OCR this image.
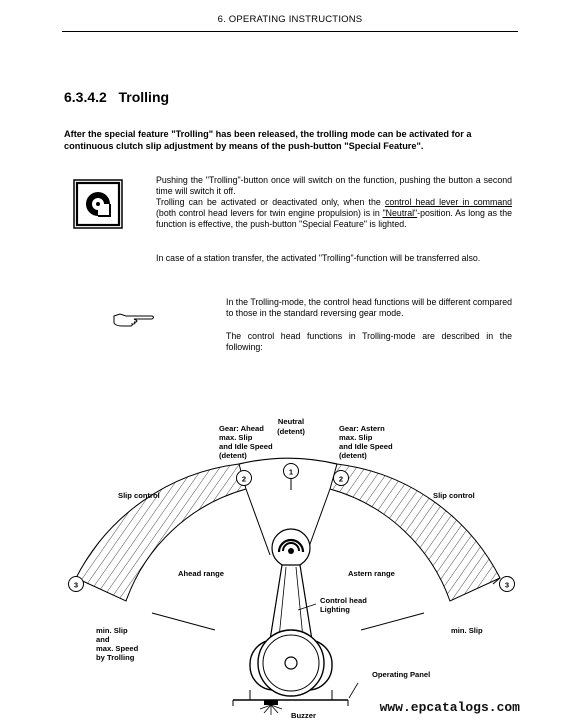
6. OPERATING INSTRUCTIONS
6.3.4.2 Trolling
After the special feature "Trolling" has been released, the trolling mode can be activated for a continuous clutch slip adjustment by means of the push-button "Special Feature".
Pushing the "Trolling"-button once will switch on the function, pushing the button a second time will switch it off.
Trolling can be activated or deactivated only, when the control head lever in command (both control head levers for twin engine propulsion) is in "Neutral"-position. As long as the function is effective, the push-button "Special Feature" is lighted.
In case of a station transfer, the activated "Trolling"-function will be transferred also.
In the Trolling-mode, the control head functions will be different compared to those in the standard reversing gear mode.
The control head functions in Trolling-mode are described in the following:
1
2	2
3	3
Neutral
(detent)
Gear: Ahead
max. Slip
and Idle Speed
(detent)
Gear: Astern
max. Slip
and Idle Speed
(detent)
Slip control	Slip control
Ahead range	Astern range
Control head
Lighting
min. Slip
and
max. Speed
by Trolling
min. Slip
Operating Panel
Buzzer
www.epcatalogs.com
